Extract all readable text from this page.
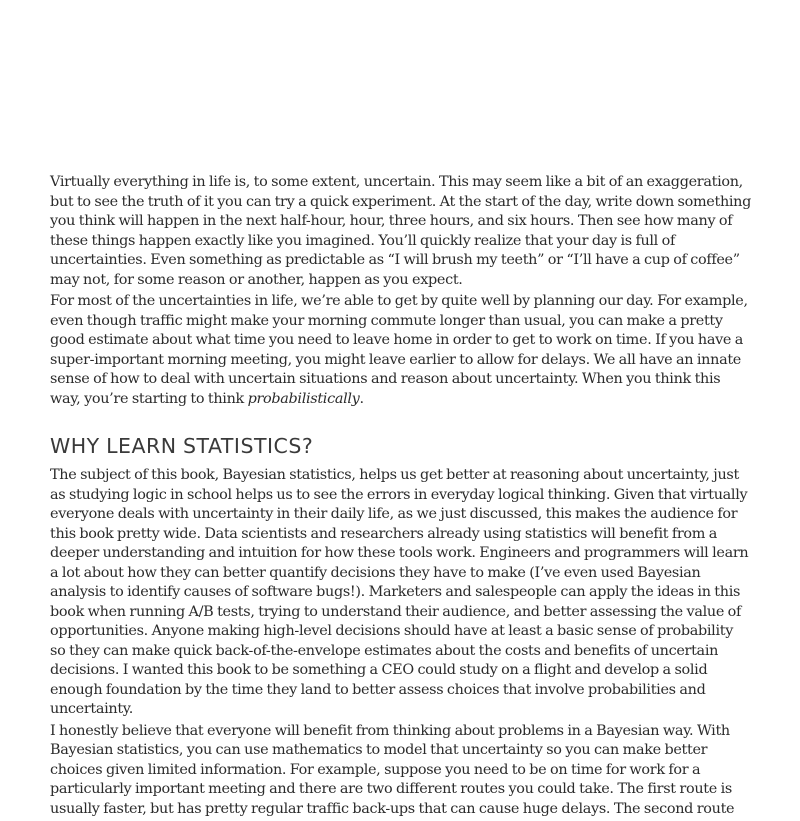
Virtually everything in life is, to some extent, uncertain. This may seem like a bit of an exaggeration, but to see the truth of it you can try a quick experiment. At the start of the day, write down something you think will happen in the next half-hour, hour, three hours, and six hours. Then see how many of these things happen exactly like you imagined. You’ll quickly realize that your day is full of uncertainties. Even something as predictable as “I will brush my teeth” or “I’ll have a cup of coffee” may not, for some reason or another, happen as you expect.

For most of the uncertainties in life, we’re able to get by quite well by planning our day. For example, even though traffic might make your morning commute longer than usual, you can make a pretty good estimate about what time you need to leave home in order to get to work on time. If you have a super-important morning meeting, you might leave earlier to allow for delays. We all have an innate sense of how to deal with uncertain situations and reason about uncertainty. When you think this way, you’re starting to think probabilistically.

WHY LEARN STATISTICS?

The subject of this book, Bayesian statistics, helps us get better at reasoning about uncertainty, just as studying logic in school helps us to see the errors in everyday logical thinking. Given that virtually everyone deals with uncertainty in their daily life, as we just discussed, this makes the audience for this book pretty wide. Data scientists and researchers already using statistics will benefit from a deeper understanding and intuition for how these tools work. Engineers and programmers will learn a lot about how they can better quantify decisions they have to make (I’ve even used Bayesian analysis to identify causes of software bugs!). Marketers and salespeople can apply the ideas in this book when running A/B tests, trying to understand their audience, and better assessing the value of opportunities. Anyone making high-level decisions should have at least a basic sense of probability so they can make quick back-of-the-envelope estimates about the costs and benefits of uncertain decisions. I wanted this book to be something a CEO could study on a flight and develop a solid enough foundation by the time they land to better assess choices that involve probabilities and uncertainty.

I honestly believe that everyone will benefit from thinking about problems in a Bayesian way. With Bayesian statistics, you can use mathematics to model that uncertainty so you can make better choices given limited information. For example, suppose you need to be on time for work for a particularly important meeting and there are two different routes you could take. The first route is usually faster, but has pretty regular traffic back-ups that can cause huge delays. The second route
